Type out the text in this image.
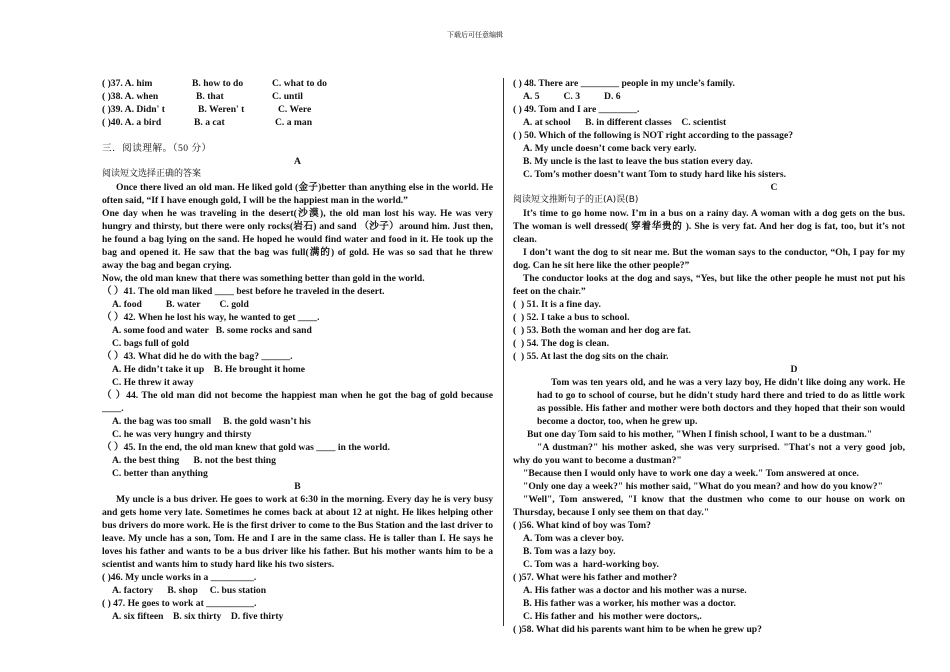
下载后可任意编辑
( )37. A. him	B. how to do	C. what to do
( )38. A. when	B. that	C. until
( )39. A. Didn' t	B. Weren' t	C. Were
( )40. A. a bird	B. a cat	C. a man
三．阅读理解。（50 分）
A
阅读短文选择正确的答案
Once there lived an old man. He liked gold (金子)better than anything else in the world. He often said, “If I have enough gold, I will be the happiest man in the world.”
One day when he was traveling in the desert(沙漠), the old man lost his way. He was very hungry and thirsty, but there were only rocks(岩石) and sand （沙子）around him. Just then, he found a bag lying on the sand. He hoped he would find water and food in it. He took up the bag and opened it. He saw that the bag was full(满的) of gold. He was so sad that he threw away the bag and began crying.
Now, the old man knew that there was something better than gold in the world.
（ ）41. The old man liked ____ best before he traveled in the desert.
A. food          B. water        C. gold
（ ）42. When he lost his way, he wanted to get ____.
A. some food and water   B. some rocks and sand
C. bags full of gold
（ ）43. What did he do with the bag? ______.
A. He didn’t take it up    B. He brought it home
C. He threw it away
（ ）44. The old man did not become the happiest man when he got the bag of gold because ____.
A. the bag was too small     B. the gold wasn’t his
C. he was very hungry and thirsty
（ ）45. In the end, the old man knew that gold was ____ in the world.
A. the best thing      B. not the best thing
C. better than anything
B
My uncle is a bus driver. He goes to work at 6:30 in the morning. Every day he is very busy and gets home very late. Sometimes he comes back at about 12 at night. He likes helping other bus drivers do more work. He is the first driver to come to the Bus Station and the last driver to leave. My uncle has a son, Tom. He and I are in the same class. He is taller than I. He says he loves his father and wants to be a bus driver like his father. But his mother wants him to be a scientist and wants him to study hard like his two sisters.
( )46. My uncle works in a _________.
A. factory      B. shop     C. bus station
( ) 47. He goes to work at __________.
A. six fifteen    B. six thirty    D. five thirty
( ) 48. There are ________ people in my uncle’s family.
A. 5          C. 3          D. 6
( ) 49. Tom and I are ________.
A. at school      B. in different classes    C. scientist
( ) 50. Which of the following is NOT right according to the passage?
A. My uncle doesn’t come back very early.
B. My uncle is the last to leave the bus station every day.
C. Tom’s mother doesn’t want Tom to study hard like his sisters.
C
阅读短文推断句子的正(A)误(B)
It’s time to go home now. I’m in a bus on a rainy day. A woman with a dog gets on the bus. The woman is well dressed( 穿着华贵的 ). She is very fat. And her dog is fat, too, but it’s not clean.
I don’t want the dog to sit near me. But the woman says to the conductor, “Oh, I pay for my dog. Can he sit here like the other people?”
The conductor looks at the dog and says, “Yes, but like the other people he must not put his feet on the chair.”
(  ) 51. It is a fine day.
(  ) 52. I take a bus to school.
(  ) 53. Both the woman and her dog are fat.
(  ) 54. The dog is clean.
(  ) 55. At last the dog sits on the chair.
D
Tom was ten years old, and he was a very lazy boy, He didn't like doing any work. He had to go to school of course, but he didn't study hard there and tried to do as little work as possible. His father and mother were both doctors and they hoped that their son would become a doctor, too, when he grew up.
But one day Tom said to his mother, "When I finish school, I want to be a dustman."
"A dustman?" his mother asked, she was very surprised. "That's not a very good job, why do you want to become a dustman?"
"Because then I would only have to work one day a week." Tom answered at once.
"Only one day a week?" his mother said, "What do you mean? and how do you know?"
"Well", Tom answered, "I know that the dustmen who come to our house on work on Thursday, because I only see them on that day."
( )56. What kind of boy was Tom?
A. Tom was a clever boy.
B. Tom was a lazy boy.
C. Tom was a  hard-working boy.
( )57. What were his father and mother?
A. His father was a doctor and his mother was a nurse.
B. His father was a worker, his mother was a doctor.
C. His father and  his mother were doctors,.
( )58. What did his parents want him to be when he grew up?
